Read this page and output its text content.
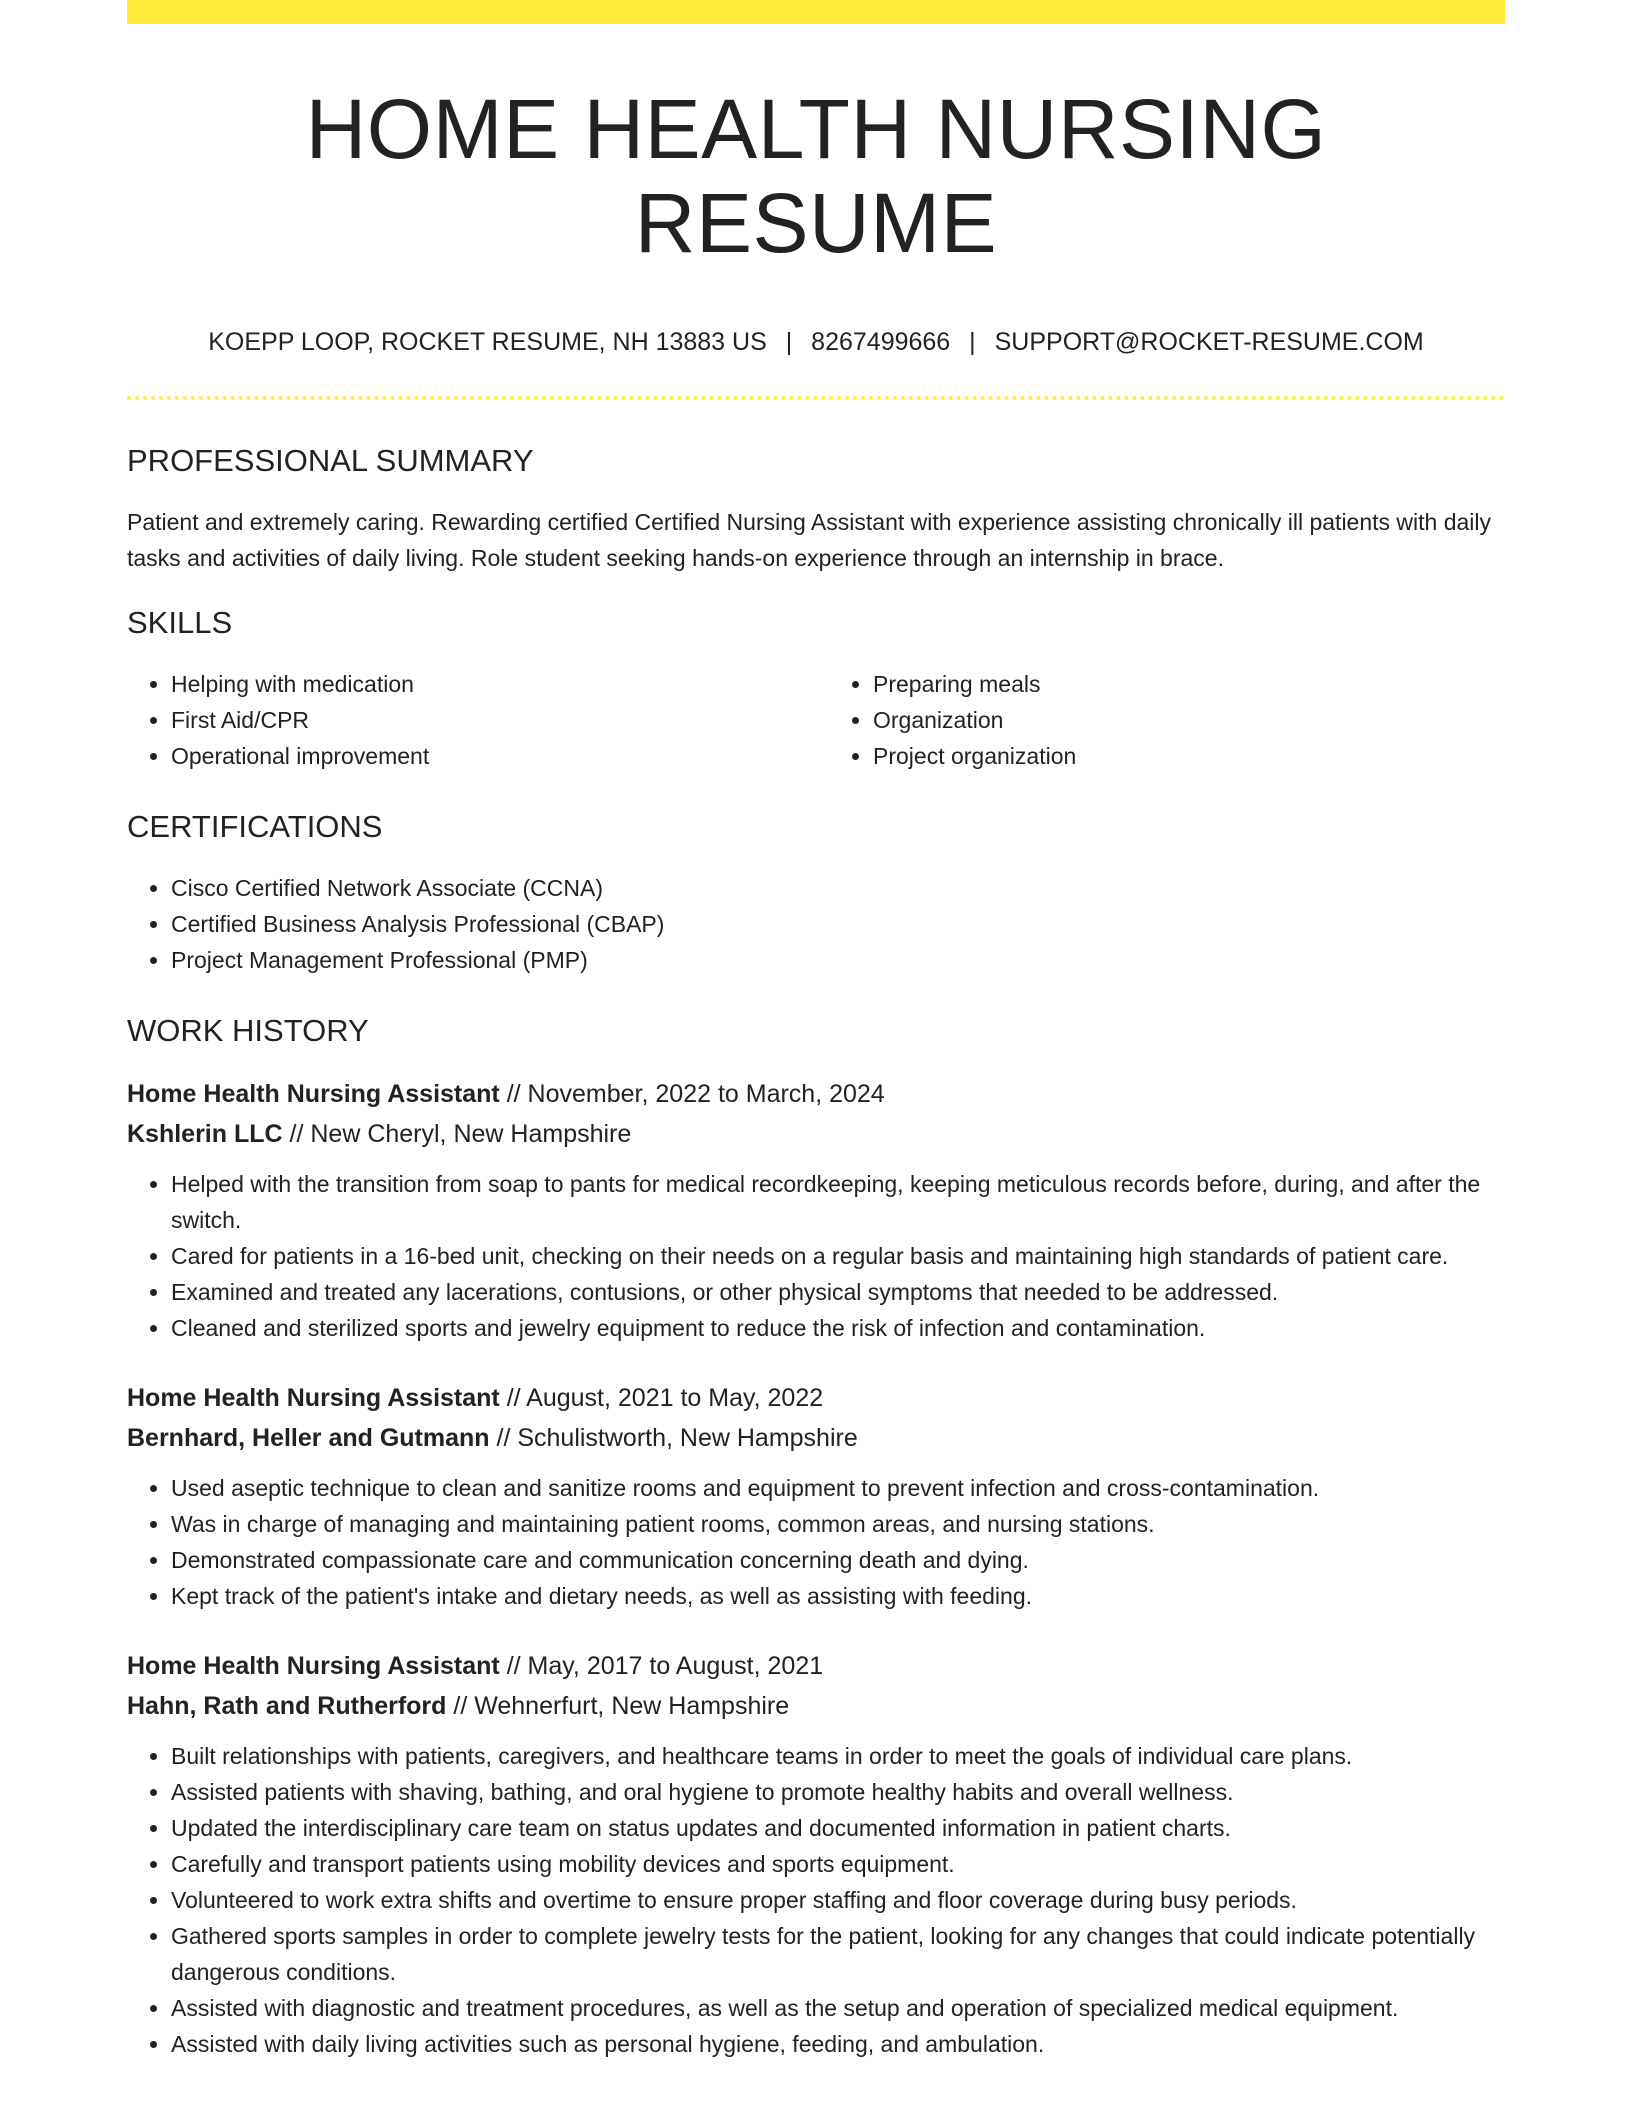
HOME HEALTH NURSING RESUME
KOEPP LOOP, ROCKET RESUME, NH 13883 US | 8267499666 | SUPPORT@ROCKET-RESUME.COM
PROFESSIONAL SUMMARY

Patient and extremely caring. Rewarding certified Certified Nursing Assistant with experience assisting chronically ill patients with daily tasks and activities of daily living. Role student seeking hands-on experience through an internship in brace.

SKILLS
• Helping with medication
• First Aid/CPR
• Operational improvement
• Preparing meals
• Organization
• Project organization
CERTIFICATIONS
• Cisco Certified Network Associate (CCNA)
• Certified Business Analysis Professional (CBAP)
• Project Management Professional (PMP)
WORK HISTORY
Home Health Nursing Assistant // November, 2022 to March, 2024
Kshlerin LLC // New Cheryl, New Hampshire
• Helped with the transition from soap to pants for medical recordkeeping, keeping meticulous records before, during, and after the switch.
• Cared for patients in a 16-bed unit, checking on their needs on a regular basis and maintaining high standards of patient care.
• Examined and treated any lacerations, contusions, or other physical symptoms that needed to be addressed.
• Cleaned and sterilized sports and jewelry equipment to reduce the risk of infection and contamination.
Home Health Nursing Assistant // August, 2021 to May, 2022
Bernhard, Heller and Gutmann // Schulistworth, New Hampshire
• Used aseptic technique to clean and sanitize rooms and equipment to prevent infection and cross-contamination.
• Was in charge of managing and maintaining patient rooms, common areas, and nursing stations.
• Demonstrated compassionate care and communication concerning death and dying.
• Kept track of the patient's intake and dietary needs, as well as assisting with feeding.
Home Health Nursing Assistant // May, 2017 to August, 2021
Hahn, Rath and Rutherford // Wehnerfurt, New Hampshire
• Built relationships with patients, caregivers, and healthcare teams in order to meet the goals of individual care plans.
• Assisted patients with shaving, bathing, and oral hygiene to promote healthy habits and overall wellness.
• Updated the interdisciplinary care team on status updates and documented information in patient charts.
• Carefully and transport patients using mobility devices and sports equipment.
• Volunteered to work extra shifts and overtime to ensure proper staffing and floor coverage during busy periods.
• Gathered sports samples in order to complete jewelry tests for the patient, looking for any changes that could indicate potentially dangerous conditions.
• Assisted with diagnostic and treatment procedures, as well as the setup and operation of specialized medical equipment.
• Assisted with daily living activities such as personal hygiene, feeding, and ambulation.
